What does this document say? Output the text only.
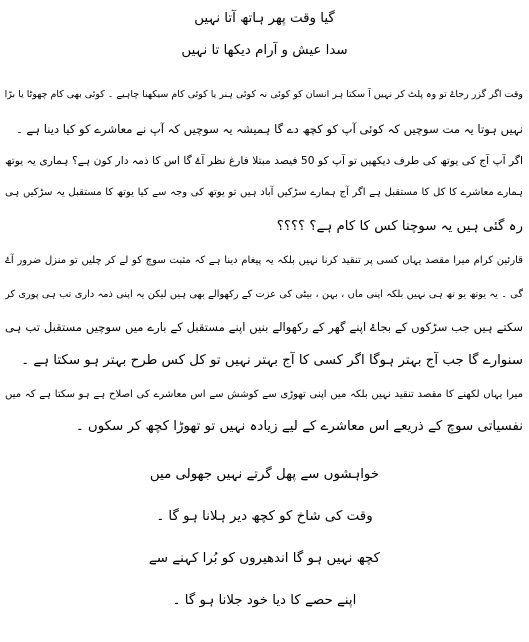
گیا وقت پھر ہاتھ آتا نہیں
سدا عیش و آرام دیکھا تا نہیں
وقت اگر گزر رجاۓ تو وہ پلٹ کر نہیں آ سکتا ہر انسان کو کوئی نہ کوئی ہنر یا کوئی کام سیکھنا چاہیے ۔ کوئی بھی کام چھوٹا یا بڑا
نہیں ہوتا یہ مت سوچیں کہ کوئی آپ کو کچھ دے گا ہمیشہ یہ سوچیں کہ آپ نے معاشرے کو کیا دینا ہے ۔
اگر آپ آج کی یوتھ کی طرف دیکھیں تو آپ کو 50 فیصد مبتلا فارغ نظر آۓ گا اس کا ذمہ دار کون ہے؟ ہماری یہ یوتھ
ہمارے معاشرے کا کل کا مستقبل ہے اگر آج ہمارے سڑکیں آباد ہیں تو یوتھ کی وجہ سے کیا یوتھ کا مستقبل یہ سڑکیں ہی
رہ گئی ہیں یہ سوچنا کس کا کام ہے؟ ؟؟؟؟
قارئین کرام میرا مقصد یہاں کسی پر تنقید کرنا نہیں بلکہ یہ پیغام دینا ہے کہ مثبت سوچ کو لے کر چلیں تو منزل ضرور آۓ
گی ۔ یہ یوتھ یو تھ ہی نہیں بلکہ اپنی ماں ، بہن ، بیٹی کی عزت کے رکھوالے بھی ہیں لیکن یہ اپنی ذمہ داری تب ہی پوری کر
سکتے ہیں جب سڑکوں کے بجاۓ اپنے گھر کے رکھوالے بنیں اپنے مستقبل کے بارے میں سوچیں مستقبل تب ہی
سنوارے گا جب آج بہتر ہوگا اگر کسی کا آج بہتر نہیں تو کل کس طرح بہتر ہو سکتا ہے ۔
میرا یہاں لکھنے کا مقصد تنقید نہیں بلکہ میں اپنی تھوڑی سے کوشش سے اس معاشرے کی اصلاح ہے ہو سکتا ہے کہ میں
نفسیاتی سوچ کے ذریعے اس معاشرے کے لیے زیادہ نہیں تو تھوڑا کچھ کر سکوں ۔
خواہشوں سے پھل گرتے نہیں جھولی میں
وقت کی شاخ کو کچھ دیر ہلانا ہو گا ۔
کچھ نہیں ہو گا اندھیروں کو بُرا کہنے سے
اپنے حصے کا دیا خود جلانا ہو گا ۔
